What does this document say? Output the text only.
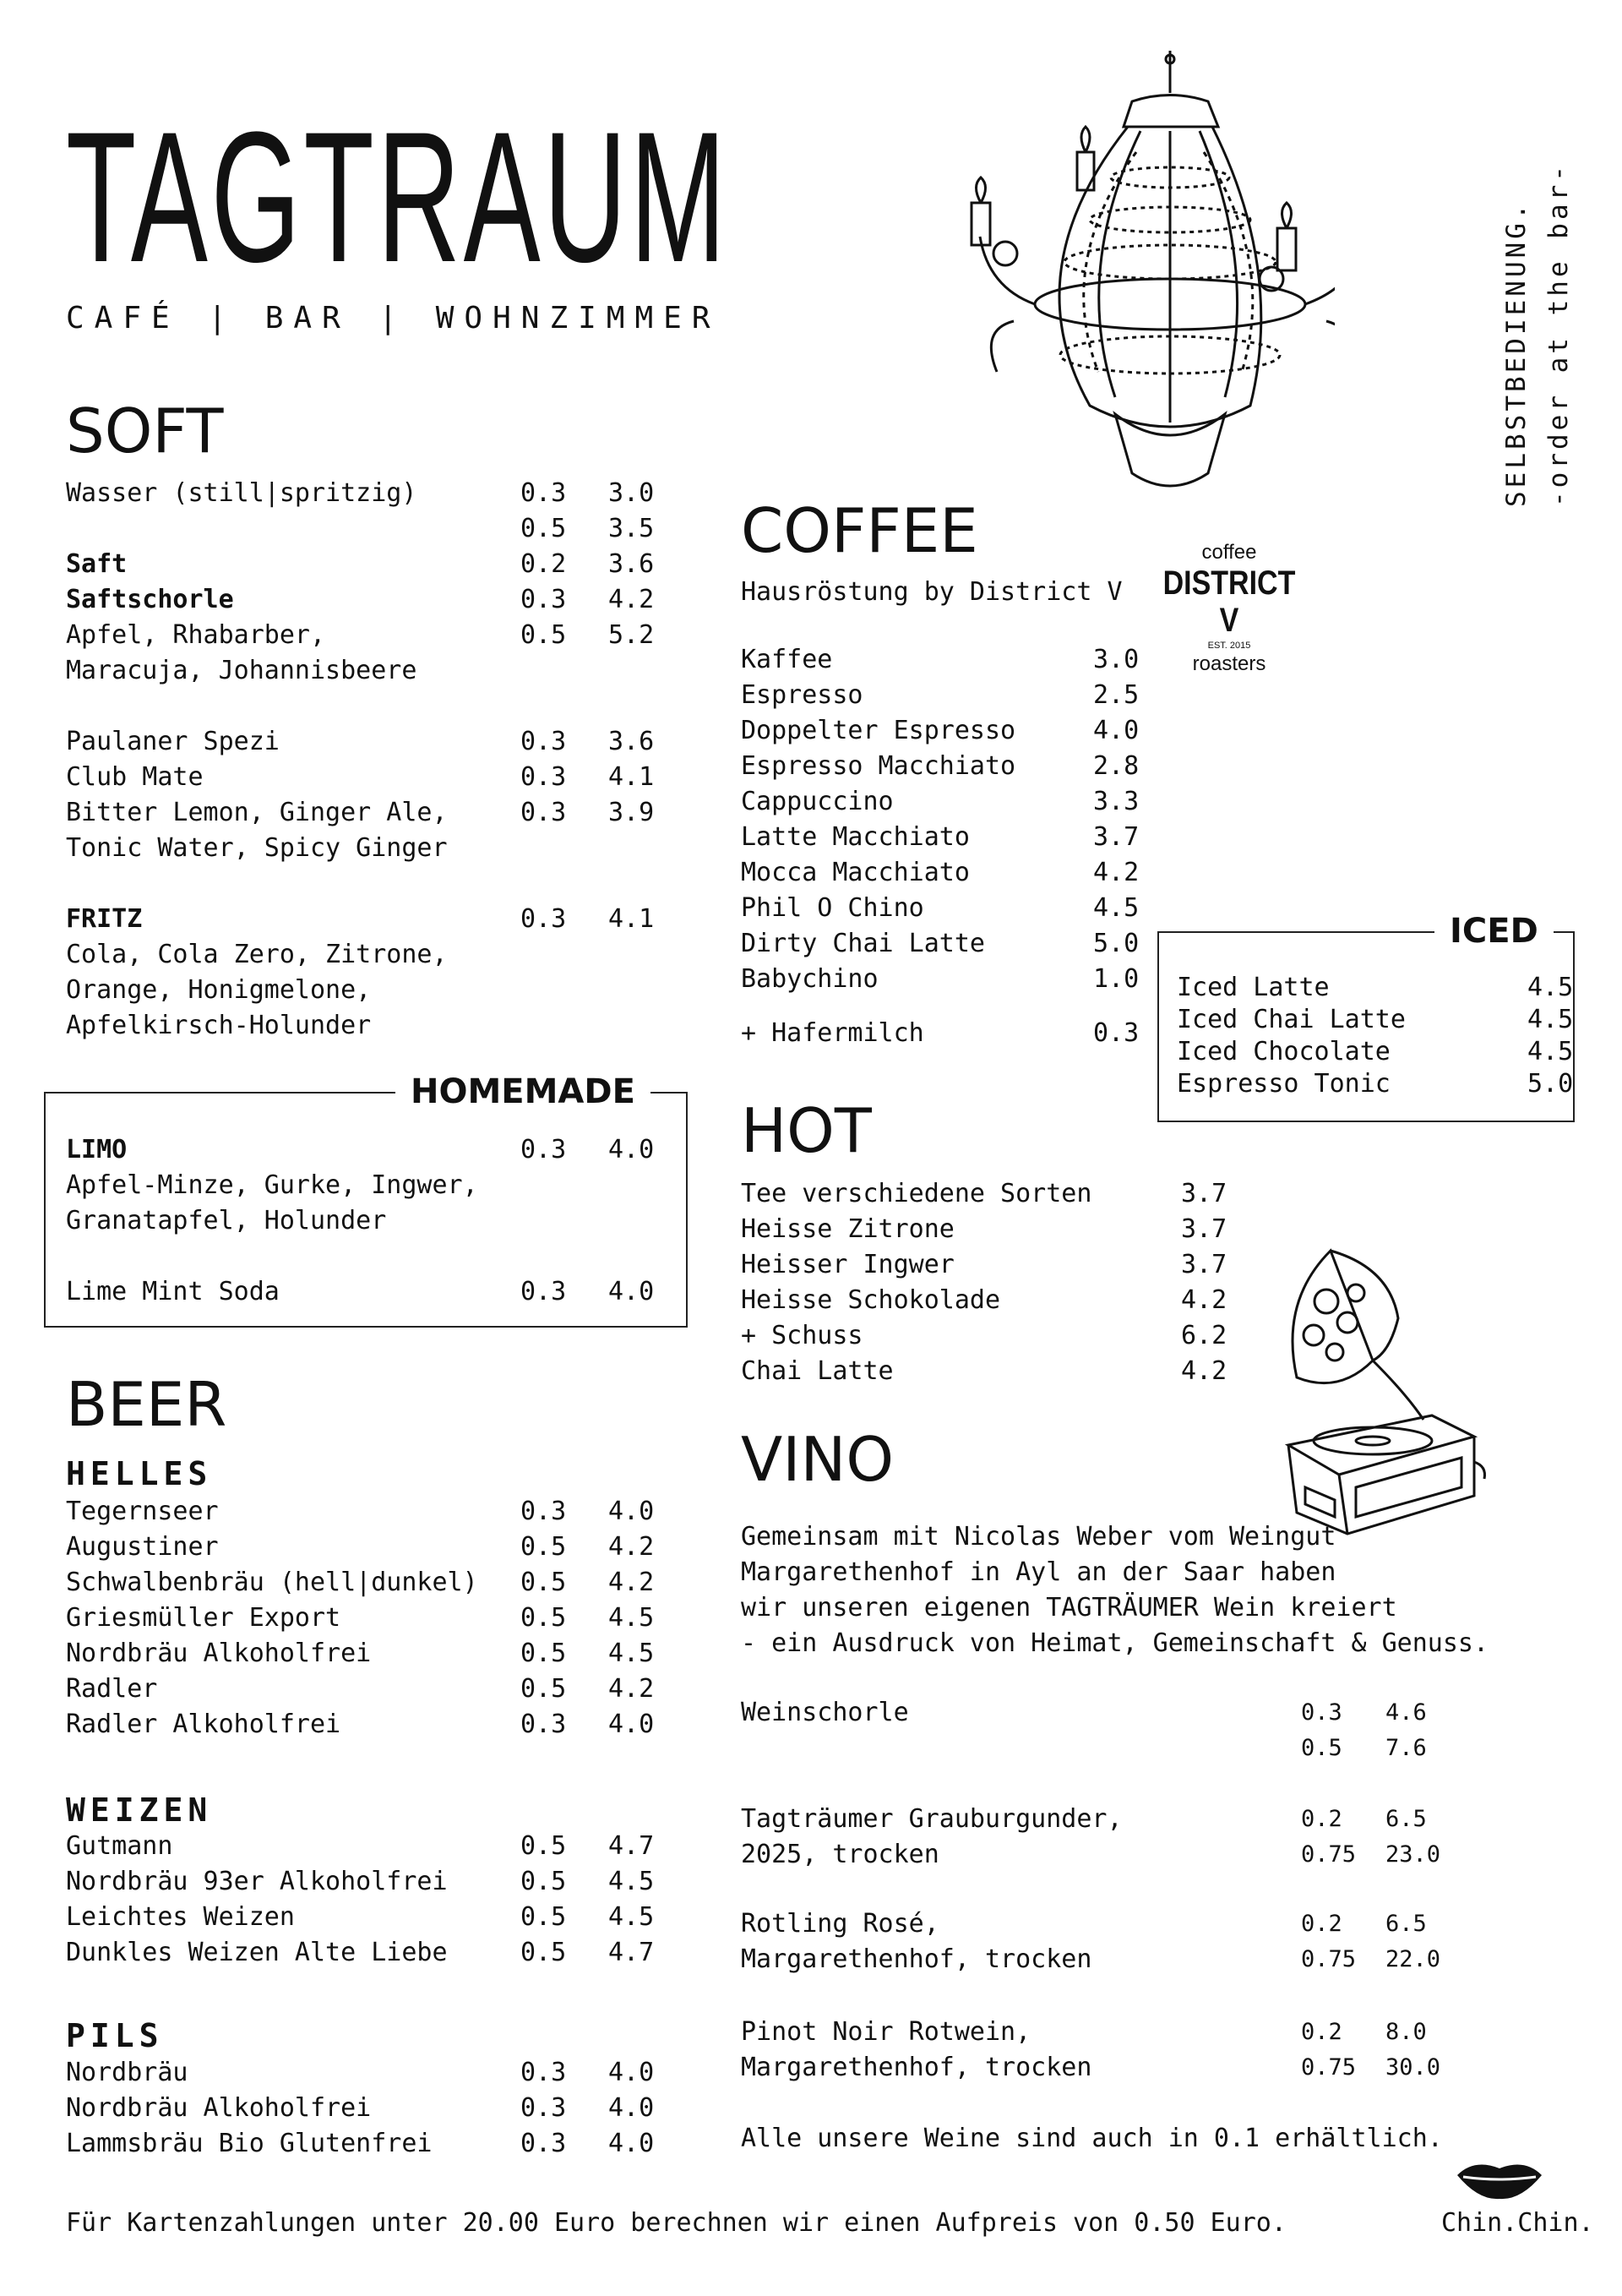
TAGTRAUM
CAFÉ | BAR | WOHNZIMMER	SELBSTBEDIENUNG. -order at the bar-
coffee
DISTRICT V
EST. 2015
roasters
SOFT
Wasser (still|spritzig)	0.3 3.0
0.5 3.5
Saft	0.2 3.6
Saftschorle	0.3 4.2
Apfel, Rhabarber,	0.5 5.2
Maracuja, Johannisbeere
Paulaner Spezi	0.3 3.6
Club Mate	0.3 4.1
Bitter Lemon, Ginger Ale,	0.3 3.9
Tonic Water, Spicy Ginger
FRITZ	0.3 4.1
Cola, Cola Zero, Zitrone,
Orange, Honigmelone,
Apfelkirsch-Holunder
HOMEMADE
LIMO	0.3 4.0
Apfel-Minze, Gurke, Ingwer,
Granatapfel, Holunder
Lime Mint Soda	0.3 4.0
BEER
HELLES
Tegernseer	0.3 4.0
Augustiner	0.5 4.2
Schwalbenbräu (hell|dunkel) 0.5 4.2
Griesmüller Export	0.5 4.5
Nordbräu Alkoholfrei	0.5 4.5
Radler	0.5 4.2
Radler Alkoholfrei	0.3 4.0
WEIZEN
Gutmann	0.5 4.7
Nordbräu 93er Alkoholfrei	0.5 4.5
Leichtes Weizen	0.5 4.5
Dunkles Weizen Alte Liebe	0.5 4.7
PILS
Nordbräu	0.3 4.0
Nordbräu Alkoholfrei	0.3 4.0
Lammsbräu Bio Glutenfrei	0.3 4.0
COFFEE
Hausröstung by District V
Kaffee	3.0
Espresso	2.5
Doppelter Espresso	4.0
Espresso Macchiato	2.8
Cappuccino	3.3
Latte Macchiato	3.7
Mocca Macchiato	4.2
Phil O Chino	4.5
Dirty Chai Latte	5.0
Babychino	1.0
+ Hafermilch	0.3
ICED
Iced Latte	4.5
Iced Chai Latte	4.5
Iced Chocolate	4.5
Espresso Tonic	5.0
HOT
Tee verschiedene Sorten	3.7
Heisse Zitrone	3.7
Heisser Ingwer	3.7
Heisse Schokolade	4.2
+ Schuss	6.2
Chai Latte	4.2
VINO
Gemeinsam mit Nicolas Weber vom Weingut
Margarethenhof in Ayl an der Saar haben
wir unseren eigenen TAGTRÄUMER Wein kreiert
- ein Ausdruck von Heimat, Gemeinschaft & Genuss.
Weinschorle	0.3 4.6
0.5 7.6
Tagträumer Grauburgunder,	0.2 6.5
2025, trocken	0.75 23.0
Rotling Rosé,	0.2 6.5
Margarethenhof, trocken	0.75 22.0
Pinot Noir Rotwein,	0.2 8.0
Margarethenhof, trocken	0.75 30.0
Alle unsere Weine sind auch in 0.1 erhältlich.
Für Kartenzahlungen unter 20.00 Euro berechnen wir einen Aufpreis von 0.50 Euro.	Chin.Chin.
